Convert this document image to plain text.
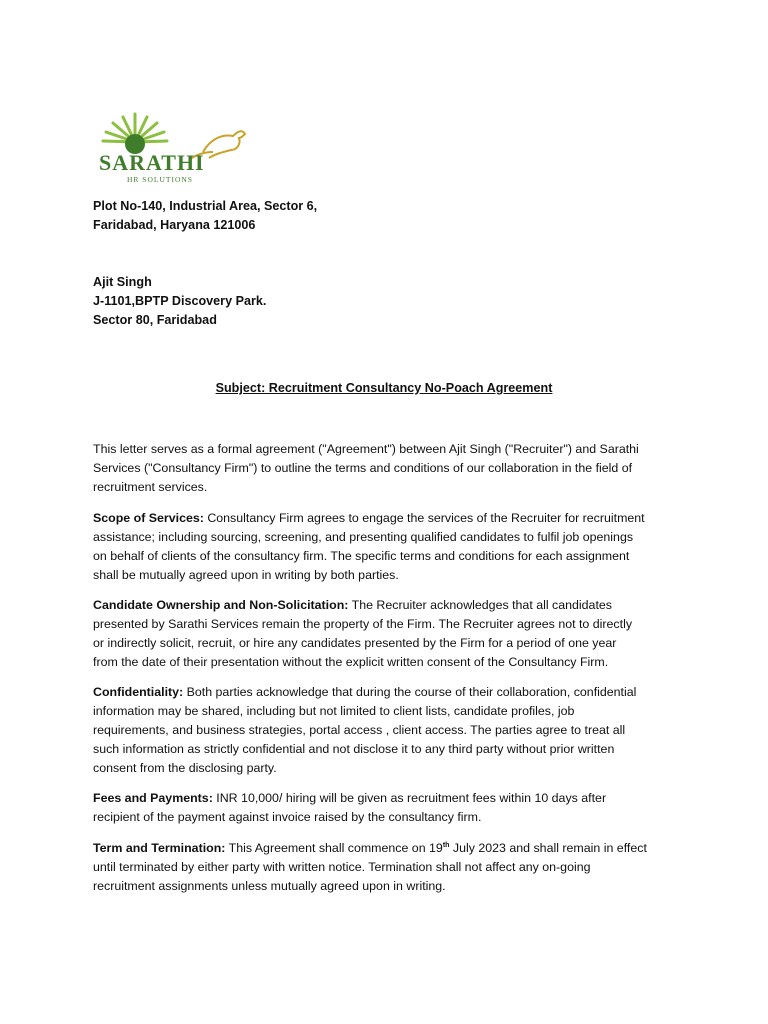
SARATHI
HR SOLUTIONS
Plot No-140, Industrial Area, Sector 6,
Faridabad, Haryana 121006
Ajit Singh
J-1101,BPTP Discovery Park.
Sector 80, Faridabad
Subject: Recruitment Consultancy No-Poach Agreement
This letter serves as a formal agreement ("Agreement") between Ajit Singh ("Recruiter") and Sarathi
Services ("Consultancy Firm") to outline the terms and conditions of our collaboration in the field of
recruitment services.
Scope of Services: Consultancy Firm agrees to engage the services of the Recruiter for recruitment
assistance; including sourcing, screening, and presenting qualified candidates to fulfil job openings
on behalf of clients of the consultancy firm. The specific terms and conditions for each assignment
shall be mutually agreed upon in writing by both parties.
Candidate Ownership and Non-Solicitation: The Recruiter acknowledges that all candidates
presented by Sarathi Services remain the property of the Firm. The Recruiter agrees not to directly
or indirectly solicit, recruit, or hire any candidates presented by the Firm for a period of one year
from the date of their presentation without the explicit written consent of the Consultancy Firm.
Confidentiality: Both parties acknowledge that during the course of their collaboration, confidential
information may be shared, including but not limited to client lists, candidate profiles, job
requirements, and business strategies, portal access , client access. The parties agree to treat all
such information as strictly confidential and not disclose it to any third party without prior written
consent from the disclosing party.
Fees and Payments: INR 10,000/ hiring will be given as recruitment fees within 10 days after
recipient of the payment against invoice raised by the consultancy firm.
Term and Termination: This Agreement shall commence on 19th July 2023 and shall remain in effect
until terminated by either party with written notice. Termination shall not affect any on-going
recruitment assignments unless mutually agreed upon in writing.
